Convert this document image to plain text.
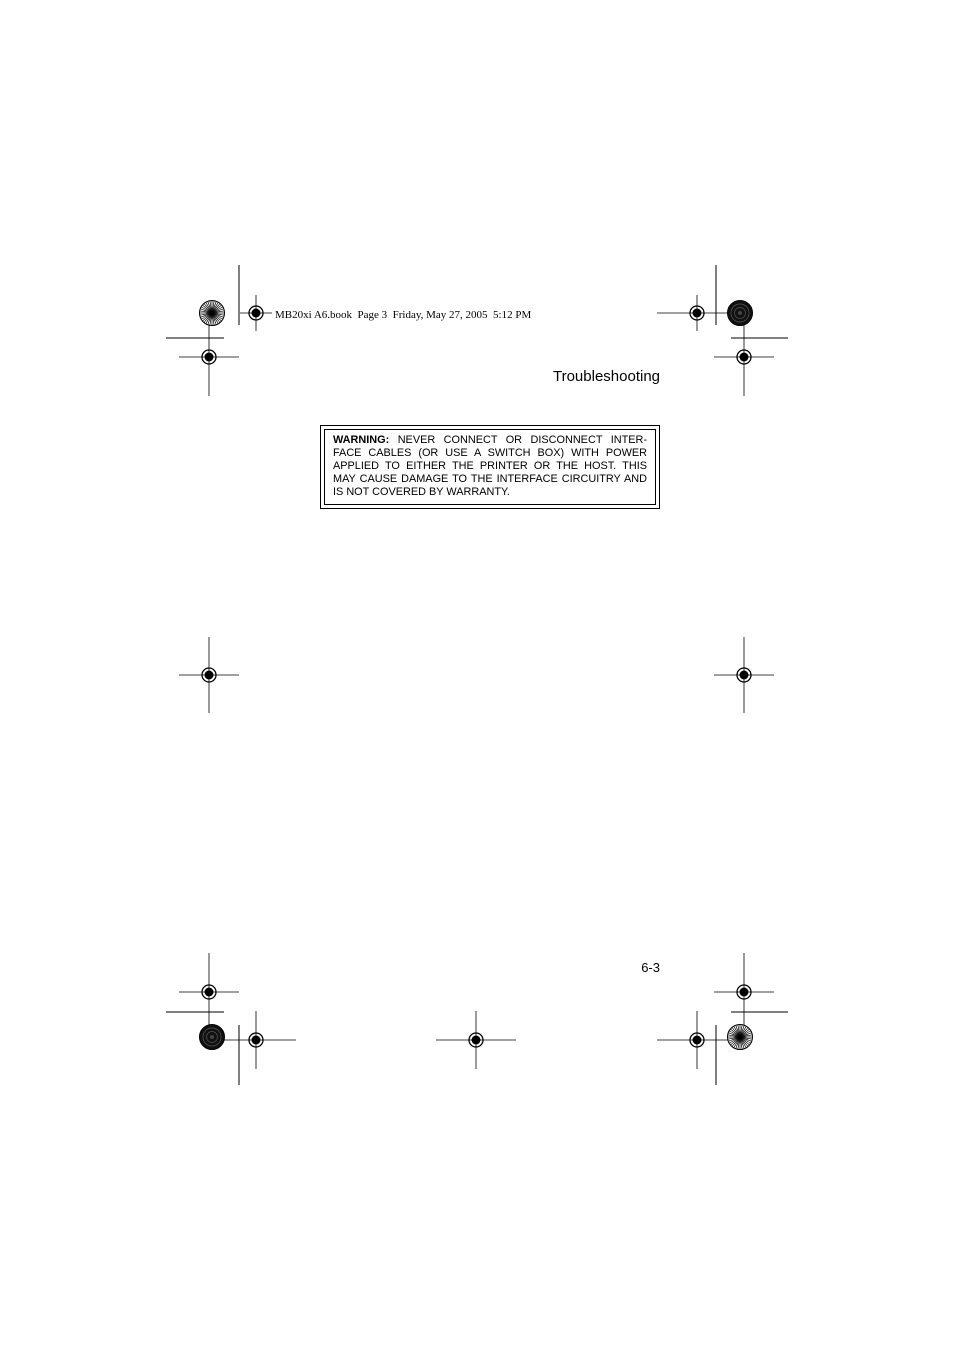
MB20xi A6.book  Page 3  Friday, May 27, 2005  5:12 PM
Troubleshooting

WARNING: NEVER CONNECT OR DISCONNECT INTER-FACE CABLES (OR USE A SWITCH BOX) WITH POWER APPLIED TO EITHER THE PRINTER OR THE HOST. THIS MAY CAUSE DAMAGE TO THE INTERFACE CIRCUITRY AND IS NOT COVERED BY WARRANTY.

6-3
